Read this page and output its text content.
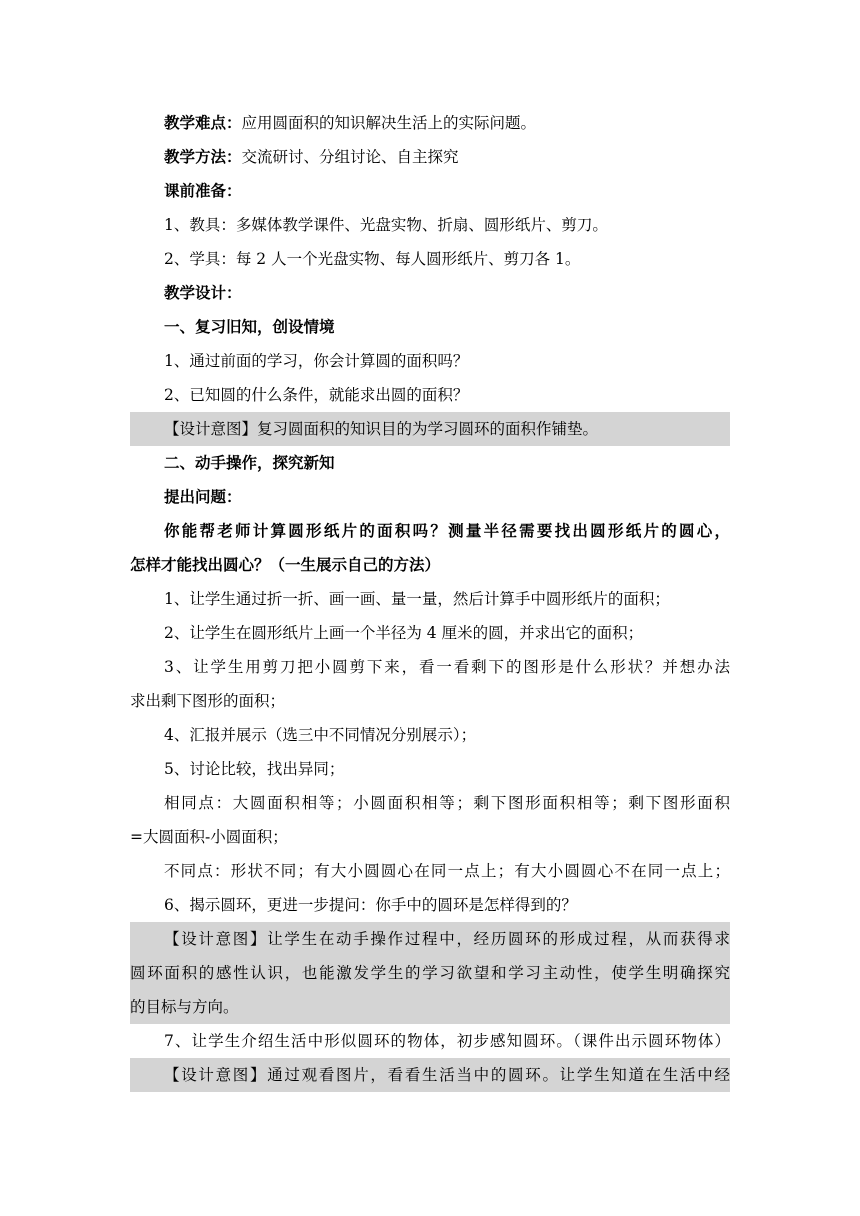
教学难点：应用圆面积的知识解决生活上的实际问题。
教学方法：交流研讨、分组讨论、自主探究
课前准备：
1、教具：多媒体教学课件、光盘实物、折扇、圆形纸片、剪刀。
2、学具：每 2 人一个光盘实物、每人圆形纸片、剪刀各 1。
教学设计：
一、复习旧知，创设情境
1、通过前面的学习，你会计算圆的面积吗？
2、已知圆的什么条件，就能求出圆的面积？
【设计意图】复习圆面积的知识目的为学习圆环的面积作铺垫。
二、动手操作，探究新知
提出问题：
你能帮老师计算圆形纸片的面积吗？测量半径需要找出圆形纸片的圆心，
怎样才能找出圆心？（一生展示自己的方法）
1、让学生通过折一折、画一画、量一量，然后计算手中圆形纸片的面积；
2、让学生在圆形纸片上画一个半径为 4 厘米的圆，并求出它的面积；
3、让学生用剪刀把小圆剪下来，看一看剩下的图形是什么形状？并想办法
求出剩下图形的面积；
4、汇报并展示（选三中不同情况分别展示）；
5、讨论比较，找出异同；
相同点：大圆面积相等；小圆面积相等；剩下图形面积相等；剩下图形面积
=大圆面积-小圆面积；
不同点：形状不同；有大小圆圆心在同一点上；有大小圆圆心不在同一点上；
6、揭示圆环，更进一步提问：你手中的圆环是怎样得到的？
【设计意图】让学生在动手操作过程中，经历圆环的形成过程，从而获得求
圆环面积的感性认识，也能激发学生的学习欲望和学习主动性，使学生明确探究
的目标与方向。
7、让学生介绍生活中形似圆环的物体，初步感知圆环。（课件出示圆环物体）
【设计意图】通过观看图片，看看生活当中的圆环。让学生知道在生活中经
